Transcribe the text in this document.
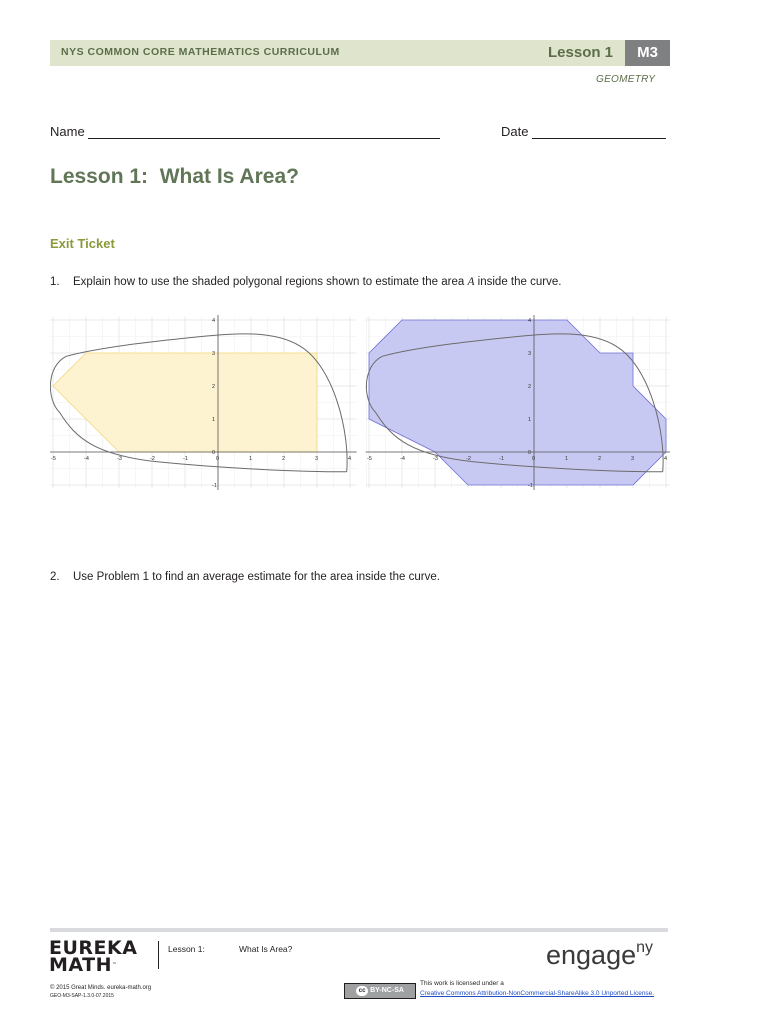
NYS COMMON CORE MATHEMATICS CURRICULUM	Lesson 1	M3
GEOMETRY
Name	Date
Lesson 1:  What Is Area?
Exit Ticket
1. Explain how to use the shaded polygonal regions shown to estimate the area A inside the curve.
-5	-4	-3	-2	-1	0	1	2	3	4
4
3
2
1
0
-1
-5	-4	-3	-2	-1	0	1	2	3	4
4
3
2
1
0
-1
2. Use Problem 1 to find an average estimate for the area inside the curve.
EUREKA
MATH™
Lesson 1:	What Is Area?	engage$^{ny}$
© 2015 Great Minds. eureka-math.org
GEO-M3-SAP-1.3.0-07.2015
cc BY-NC-SA
This work is licensed under a
Creative Commons Attribution-NonCommercial-ShareAlike 3.0 Unported License.
